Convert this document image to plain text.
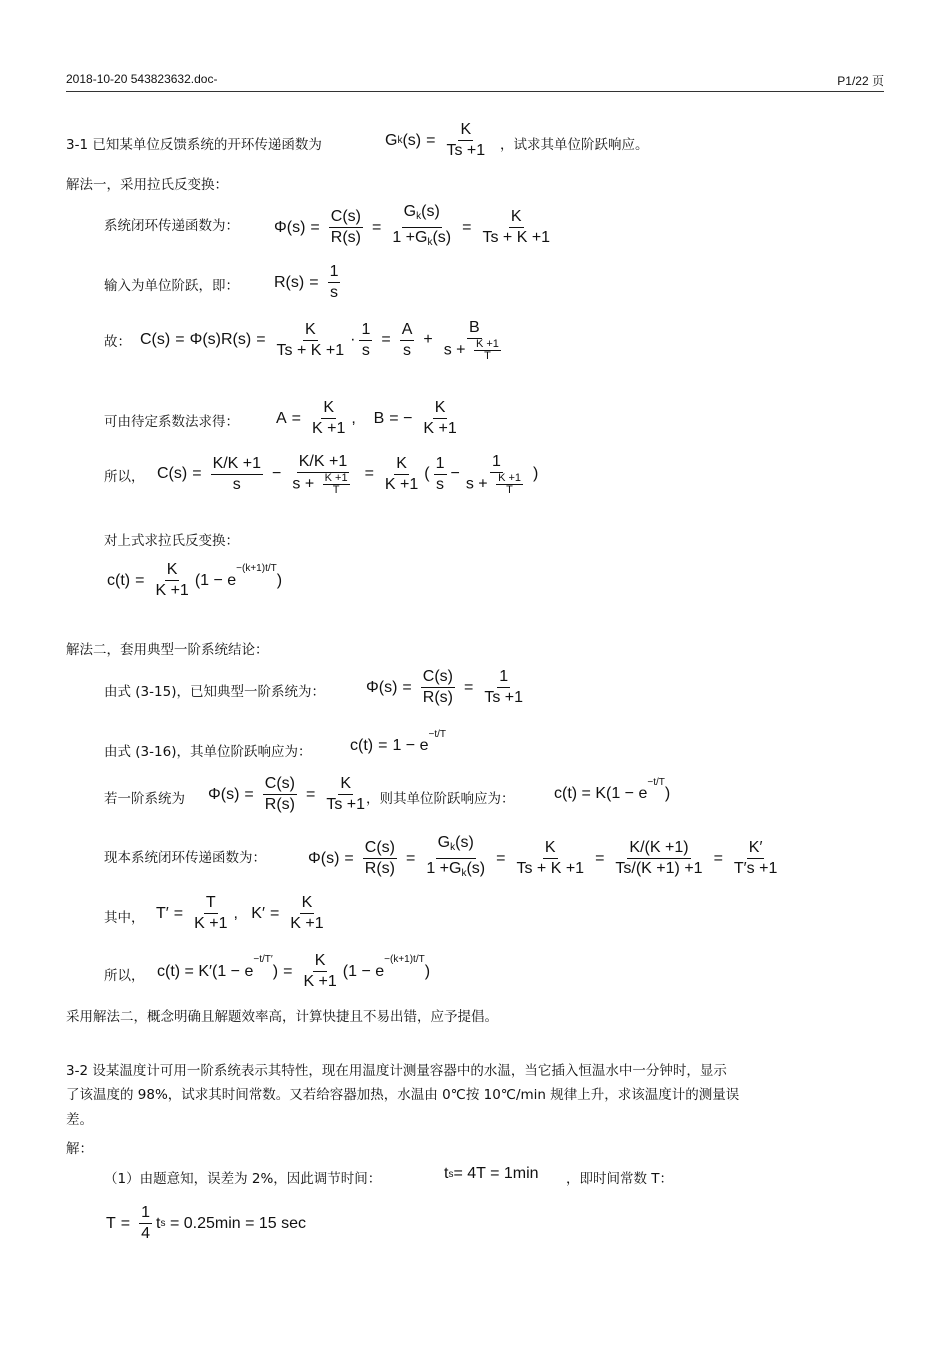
2018-10-20 543823632.doc-	P1/22 页
3-1 已知某单位反馈系统的开环传递函数为	G k $(s) = \frac{K}{Ts +1}$ ，试求其单位阶跃响应。
解法一，采用拉氏反变换：
系统闭环传递函数为： $\Phi(s) = \frac{C(s)}{R(s)} = \frac{Gk(s)}{1 +Gk(s)} = \frac{K}{Ts + K +1}$
输入为单位阶跃，即： $R(s) = \frac{1}{s}$
故： $C(s) = \Phi(s)R(s) = \frac{K}{Ts + K +1} \cdot \frac{1}{s} = \frac{A}{s} + \frac{B}{s + \frac{K +1}{T}}$
可由待定系数法求得： $A = \frac{K}{K +1}$ ,    B = − $\frac{K}{K +1}$
所以， $C(s) = \frac{K/K +1}{s} - \frac{K/K +1}{s + \frac{K +1}{T}} = \frac{K}{K +1}$ (
1
s
−
1
$s + \frac{K +1}{T}$ )
对上式求拉氏反变换：
$c(t) = \frac{K}{K +1} (1 - e$
−(k+1)t/T
)
解法二，套用典型一阶系统结论：
由式 (3-15)，已知典型一阶系统为：	$\Phi(s) = \frac{C(s)}{R(s)} = \frac{1}{Ts +1}$
由式 (3-16)，其单位阶跃响应为： c(t) = 1 − e
−t/T
若一阶系统为 $\Phi(s) = \frac{C(s)}{R(s)} = \frac{K}{Ts +1}$
，则其单位阶跃响应为： c(t) = K(1 − e
−t/T
)
现本系统闭环传递函数为：	$\Phi(s) = \frac{C(s)}{R(s)} = \frac{Gk(s)}{1 +Gk(s)} = \frac{K}{Ts + K +1} = \frac{K/(K +1)}{Ts/(K +1) +1} = \frac{K'}{T's +1}$
其中， $T' = \frac{T}{K +1}$ ,   $K' = \frac{K}{K +1}$
所以， c(t) = K′(1 − e
−t/T′
) = $\frac{K}{K +1} (1 - e$
−(k+1)t/T
)
采用解法二，概念明确且解题效率高，计算快捷且不易出错，应予提倡。
3-2 设某温度计可用一阶系统表示其特性，现在用温度计测量容器中的水温，当它插入恒温水中一分钟时，显示
了该温度的 98%，试求其时间常数。又若给容器加热，水温由 0℃按 10℃/min 规律上升，求该温度计的测量误
差。
解：
（1）由题意知，误差为 2%，因此调节时间：	t s = 4T = 1min ，即时间常数 T：
$T = \frac{1}{4}$ t s
= 0.25min = 15 sec
